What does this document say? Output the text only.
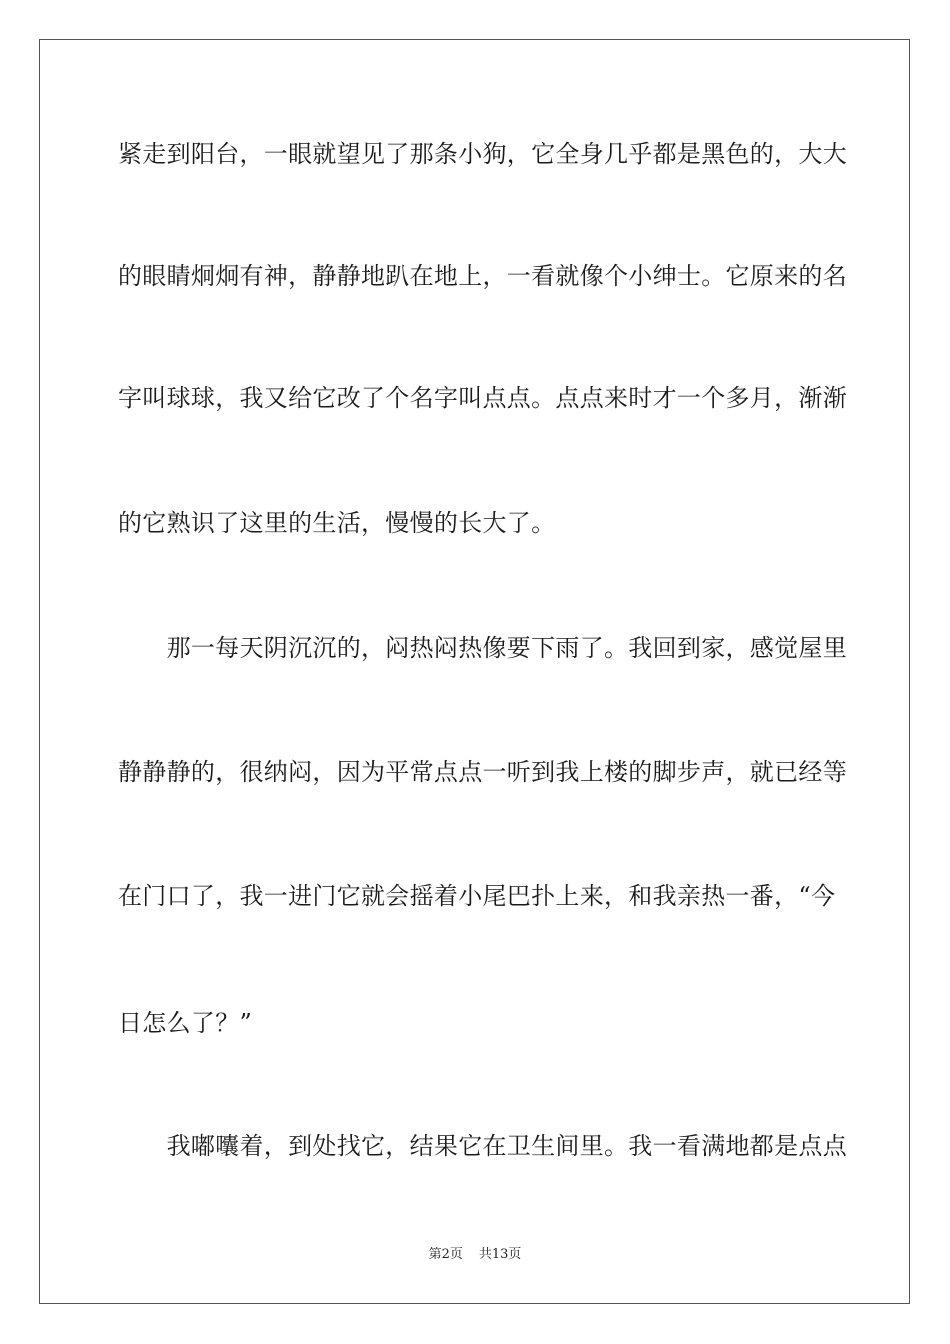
紧走到阳台，一眼就望见了那条小狗，它全身几乎都是黑色的，大大
的眼睛炯炯有神，静静地趴在地上，一看就像个小绅士。它原来的名
字叫球球，我又给它改了个名字叫点点。点点来时才一个多月，渐渐
的它熟识了这里的生活，慢慢的长大了。
　　那一每天阴沉沉的，闷热闷热像要下雨了。我回到家，感觉屋里
静静静的，很纳闷，因为平常点点一听到我上楼的脚步声，就已经等
在门口了，我一进门它就会摇着小尾巴扑上来，和我亲热一番，“今
日怎么了？”
　　我嘟囔着，到处找它，结果它在卫生间里。我一看满地都是点点
第2页 共13页
